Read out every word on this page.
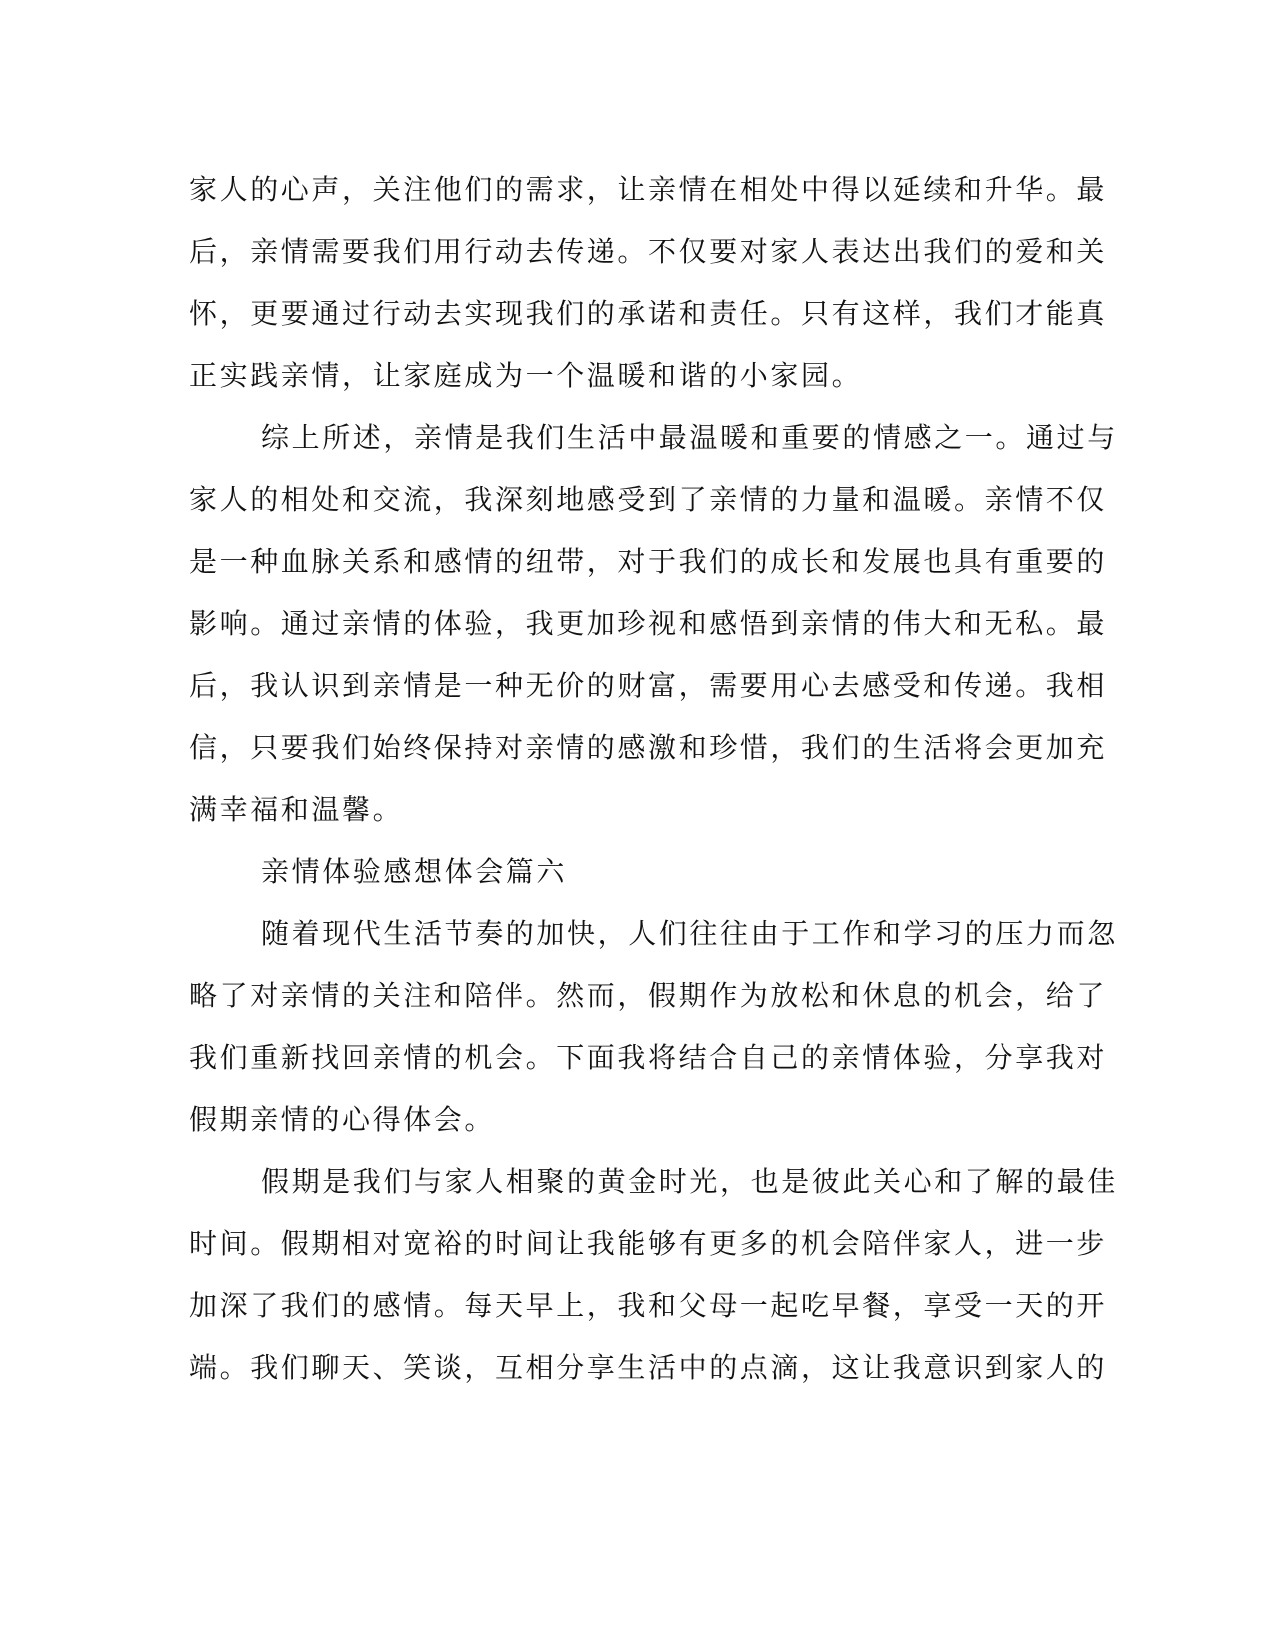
家人的心声，关注他们的需求，让亲情在相处中得以延续和升华。最
后，亲情需要我们用行动去传递。不仅要对家人表达出我们的爱和关
怀，更要通过行动去实现我们的承诺和责任。只有这样，我们才能真
正实践亲情，让家庭成为一个温暖和谐的小家园。
综上所述，亲情是我们生活中最温暖和重要的情感之一。通过与
家人的相处和交流，我深刻地感受到了亲情的力量和温暖。亲情不仅
是一种血脉关系和感情的纽带，对于我们的成长和发展也具有重要的
影响。通过亲情的体验，我更加珍视和感悟到亲情的伟大和无私。最
后，我认识到亲情是一种无价的财富，需要用心去感受和传递。我相
信，只要我们始终保持对亲情的感激和珍惜，我们的生活将会更加充
满幸福和温馨。
亲情体验感想体会篇六
随着现代生活节奏的加快，人们往往由于工作和学习的压力而忽
略了对亲情的关注和陪伴。然而，假期作为放松和休息的机会，给了
我们重新找回亲情的机会。下面我将结合自己的亲情体验，分享我对
假期亲情的心得体会。
假期是我们与家人相聚的黄金时光，也是彼此关心和了解的最佳
时间。假期相对宽裕的时间让我能够有更多的机会陪伴家人，进一步
加深了我们的感情。每天早上，我和父母一起吃早餐，享受一天的开
端。我们聊天、笑谈，互相分享生活中的点滴，这让我意识到家人的
